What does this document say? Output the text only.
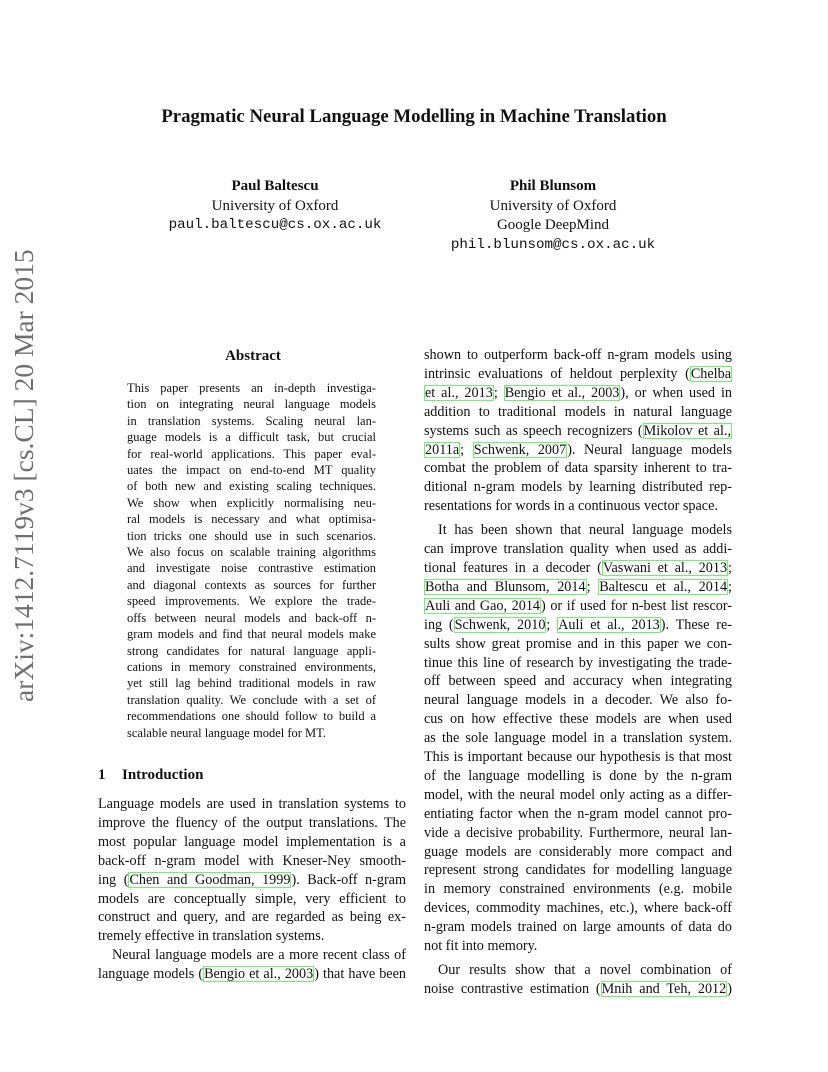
Pragmatic Neural Language Modelling in Machine Translation
Paul Baltescu
University of Oxford
paul.baltescu@cs.ox.ac.uk
Phil Blunsom
University of Oxford
Google DeepMind
phil.blunsom@cs.ox.ac.uk
arXiv:1412.7119v3 [cs.CL] 20 Mar 2015	Abstract
This paper presents an in-depth investiga-
tion on integrating neural language models
in translation systems. Scaling neural lan-
guage models is a difficult task, but crucial
for real-world applications. This paper eval-
uates the impact on end-to-end MT quality
of both new and existing scaling techniques.
We show when explicitly normalising neu-
ral models is necessary and what optimisa-
tion tricks one should use in such scenarios.
We also focus on scalable training algorithms
and investigate noise contrastive estimation
and diagonal contexts as sources for further
speed improvements. We explore the trade-
offs between neural models and back-off n-
gram models and find that neural models make
strong candidates for natural language appli-
cations in memory constrained environments,
yet still lag behind traditional models in raw
translation quality. We conclude with a set of
recommendations one should follow to build a
scalable neural language model for MT.
1 Introduction
Language models are used in translation systems to
improve the fluency of the output translations. The
most popular language model implementation is a
back-off n-gram model with Kneser-Ney smooth-
ing (Chen and Goodman, 1999). Back-off n-gram
models are conceptually simple, very efficient to
construct and query, and are regarded as being ex-
tremely effective in translation systems.
Neural language models are a more recent class of
language models (Bengio et al., 2003) that have been
shown to outperform back-off n-gram models using
intrinsic evaluations of heldout perplexity (Chelba
et al., 2013; Bengio et al., 2003), or when used in
addition to traditional models in natural language
systems such as speech recognizers (Mikolov et al.,
2011a; Schwenk, 2007). Neural language models
combat the problem of data sparsity inherent to tra-
ditional n-gram models by learning distributed rep-
resentations for words in a continuous vector space.
It has been shown that neural language models
can improve translation quality when used as addi-
tional features in a decoder (Vaswani et al., 2013;
Botha and Blunsom, 2014; Baltescu et al., 2014;
Auli and Gao, 2014) or if used for n-best list rescor-
ing (Schwenk, 2010; Auli et al., 2013). These re-
sults show great promise and in this paper we con-
tinue this line of research by investigating the trade-
off between speed and accuracy when integrating
neural language models in a decoder. We also fo-
cus on how effective these models are when used
as the sole language model in a translation system.
This is important because our hypothesis is that most
of the language modelling is done by the n-gram
model, with the neural model only acting as a differ-
entiating factor when the n-gram model cannot pro-
vide a decisive probability. Furthermore, neural lan-
guage models are considerably more compact and
represent strong candidates for modelling language
in memory constrained environments (e.g. mobile
devices, commodity machines, etc.), where back-off
n-gram models trained on large amounts of data do
not fit into memory.
Our results show that a novel combination of
noise contrastive estimation (Mnih and Teh, 2012)
